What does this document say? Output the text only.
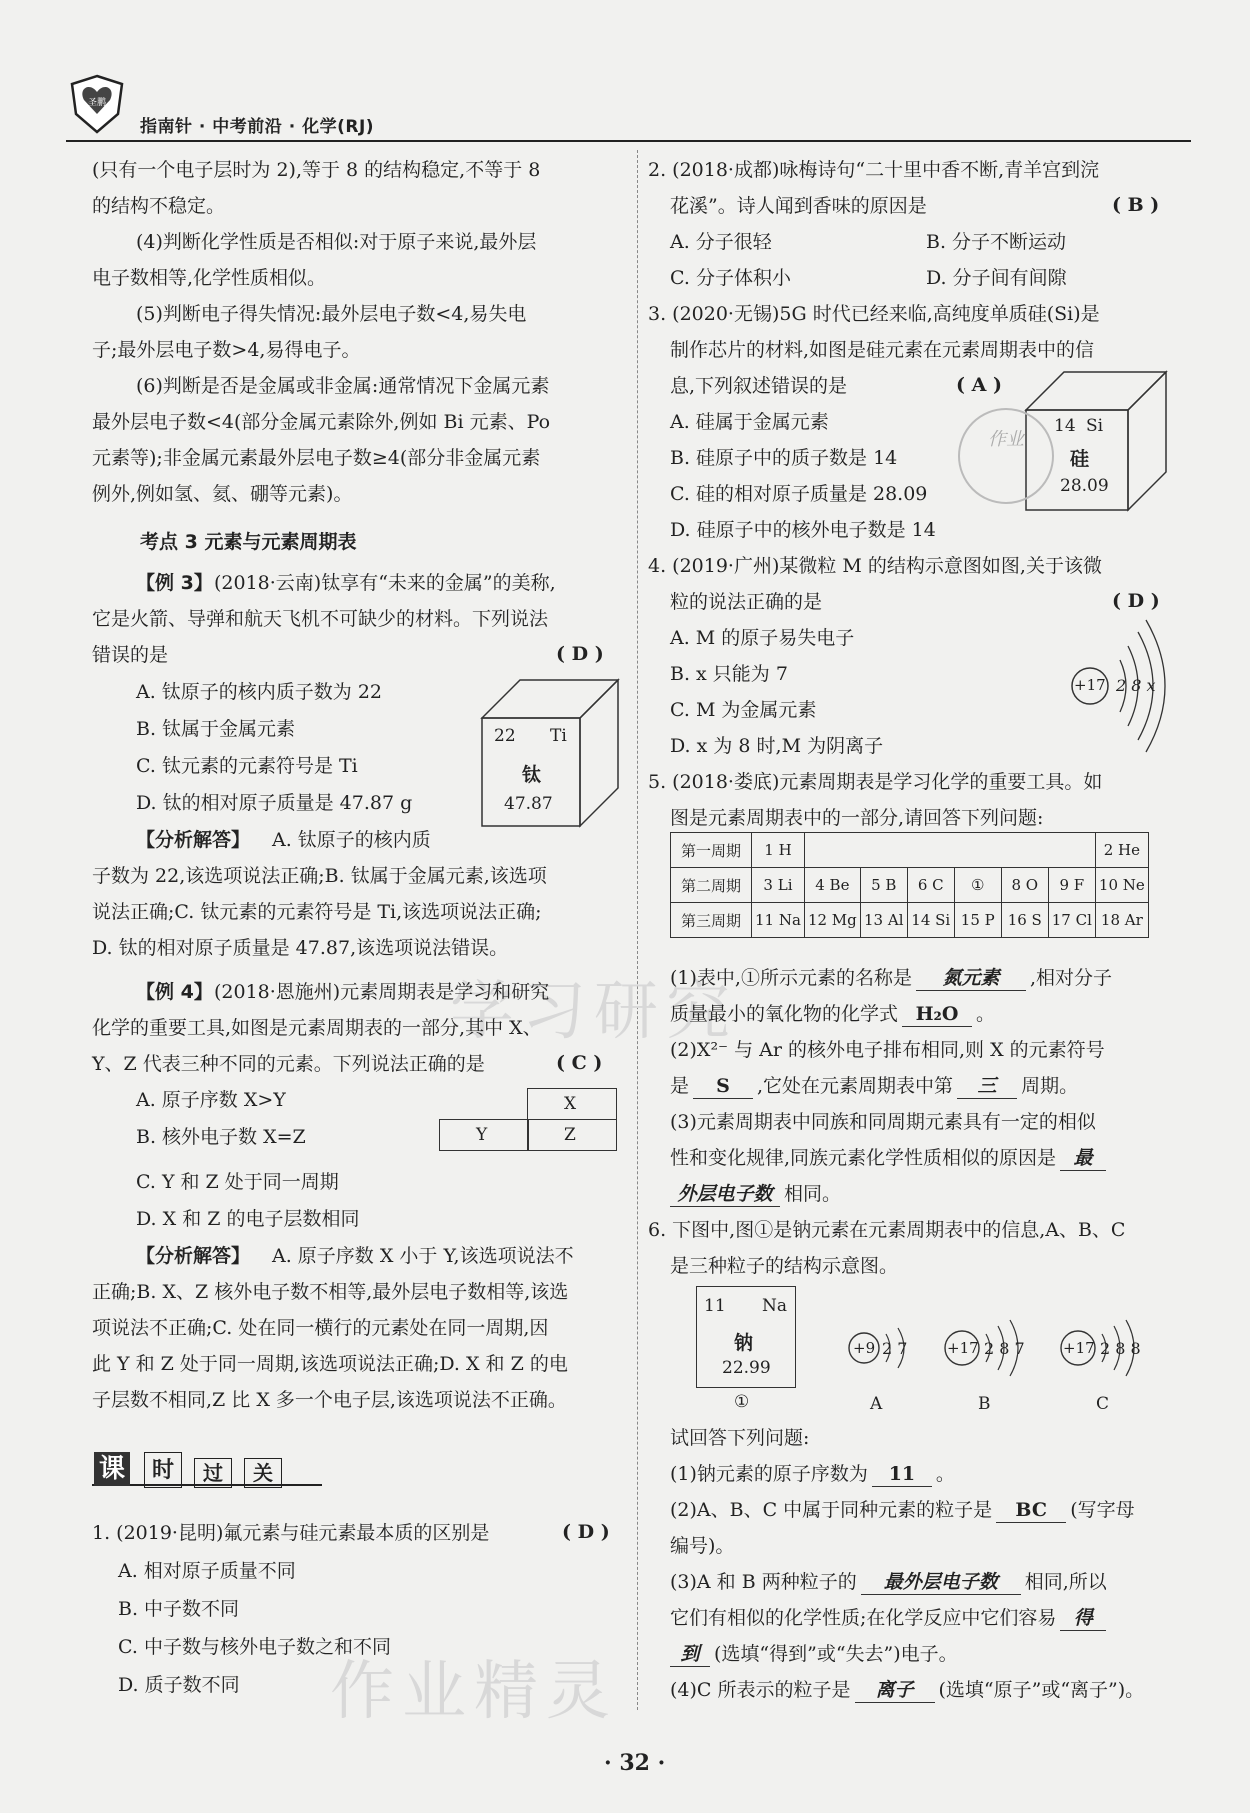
圣鹏
指南针 · 中考前沿 · 化学(RJ)
学习研究
作业精灵
(只有一个电子层时为 2),等于 8 的结构稳定,不等于 8
的结构不稳定。
(4)判断化学性质是否相似:对于原子来说,最外层
电子数相等,化学性质相似。
(5)判断电子得失情况:最外层电子数<4,易失电
子;最外层电子数>4,易得电子。
(6)判断是否是金属或非金属:通常情况下金属元素
最外层电子数<4(部分金属元素除外,例如 Bi 元素、Po
元素等);非金属元素最外层电子数≥4(部分非金属元素
例外,例如氢、氦、硼等元素)。
考点 3 元素与元素周期表
【例 3】 (2018·云南)钛享有“未来的金属”的美称,
它是火箭、导弹和航天飞机不可缺少的材料。下列说法
错误的是	( D )
A. 钛原子的核内质子数为 22
B. 钛属于金属元素
C. 钛元素的元素符号是 Ti
D. 钛的相对原子质量是 47.87 g
22 Ti
钛
47.87
【分析解答】 A. 钛原子的核内质
子数为 22,该选项说法正确;B. 钛属于金属元素,该选项
说法正确;C. 钛元素的元素符号是 Ti,该选项说法正确;
D. 钛的相对原子质量是 47.87,该选项说法错误。
【例 4】 (2018·恩施州)元素周期表是学习和研究
化学的重要工具,如图是元素周期表的一部分,其中 X、
Y、Z 代表三种不同的元素。下列说法正确的是	( C )
A. 原子序数 X>Y
B. 核外电子数 X=Z
C. Y 和 Z 处于同一周期
D. X 和 Z 的电子层数相同
X
Y	Z
【分析解答】 A. 原子序数 X 小于 Y,该选项说法不
正确;B. X、Z 核外电子数不相等,最外层电子数相等,该选
项说法不正确;C. 处在同一横行的元素处在同一周期,因
此 Y 和 Z 处于同一周期,该选项说法正确;D. X 和 Z 的电
子层数不相同,Z 比 X 多一个电子层,该选项说法不正确。
课	时	过	关
1. (2019·昆明)氟元素与硅元素最本质的区别是	( D )
A. 相对原子质量不同
B. 中子数不同
C. 中子数与核外电子数之和不同
D. 质子数不同
2. (2018·成都)咏梅诗句“二十里中香不断,青羊宫到浣
花溪”。诗人闻到香味的原因是	( B )
A. 分子很轻	B. 分子不断运动
C. 分子体积小	D. 分子间有间隙
3. (2020·无锡)5G 时代已经来临,高纯度单质硅(Si)是
制作芯片的材料,如图是硅元素在元素周期表中的信
息,下列叙述错误的是	( A )
A. 硅属于金属元素
B. 硅原子中的质子数是 14
C. 硅的相对原子质量是 28.09
D. 硅原子中的核外电子数是 14
14 Si
硅
28.09
作业
4. (2019·广州)某微粒 M 的结构示意图如图,关于该微
粒的说法正确的是	( D )
A. M 的原子易失电子
B. x 只能为 7
C. M 为金属元素
D. x 为 8 时,M 为阴离子
+17 2 8 x
5. (2018·娄底)元素周期表是学习化学的重要工具。如
图是元素周期表中的一部分,请回答下列问题:
第一周期	1 H							2 He
第二周期	3 Li	4 Be	5 B	6 C	①	8 O	9 F	10 Ne
第三周期	11 Na	12 Mg	13 Al	14 Si	15 P	16 S	17 Cl	18 Ar
(1)表中,①所示元素的名称是 氮元素 ,相对分子
质量最小的氧化物的化学式 H₂O 。
(2)X²⁻ 与 Ar 的核外电子排布相同,则 X 的元素符号
是 S ,它处在元素周期表中第 三 周期。
(3)元素周期表中同族和同周期元素具有一定的相似
性和变化规律,同族元素化学性质相似的原因是 最
外层电子数 相同。
6. 下图中,图①是钠元素在元素周期表中的信息,A、B、C
是三种粒子的结构示意图。
11 Na
钠
22.99
①
+9 2 7
A
+17 2 8 7
B
+17 2 8 8
C
试回答下列问题:
(1)钠元素的原子序数为 11 。
(2)A、B、C 中属于同种元素的粒子是 BC (写字母
编号)。
(3)A 和 B 两种粒子的 最外层电子数 相同,所以
它们有相似的化学性质;在化学反应中它们容易 得
到 (选填“得到”或“失去”)电子。
(4)C 所表示的粒子是 离子 (选填“原子”或“离子”)。
· 32 ·
